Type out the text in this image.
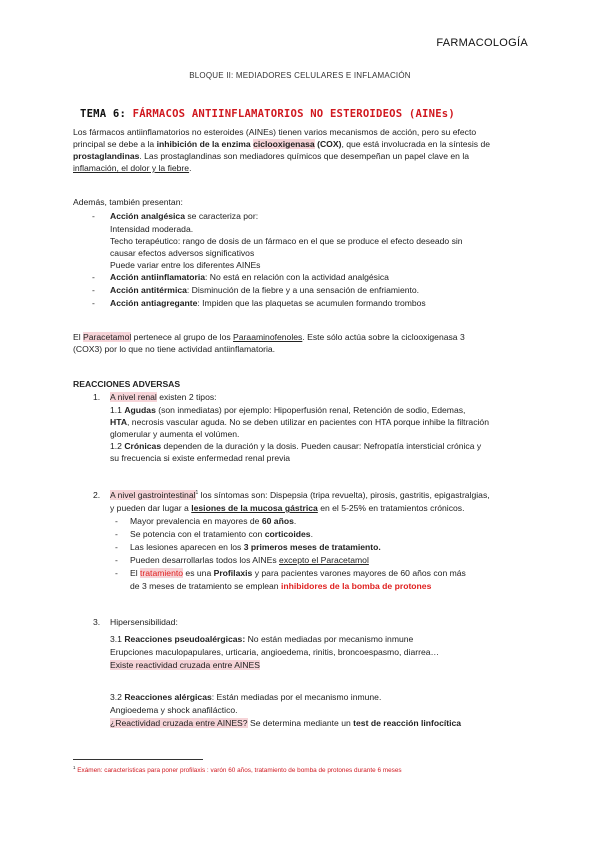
FARMACOLOGÍA
BLOQUE II: MEDIADORES CELULARES E INFLAMACIÓN
TEMA 6: FÁRMACOS ANTIINFLAMATORIOS NO ESTEROIDEOS (AINEs)
Los fármacos antiinflamatorios no esteroides (AINEs) tienen varios mecanismos de acción, pero su efecto
principal se debe a la inhibición de la enzima ciclooxigenasa (COX), que está involucrada en la síntesis de
prostaglandinas. Las prostaglandinas son mediadores químicos que desempeñan un papel clave en la
inflamación, el dolor y la fiebre.
Además, también presentan:
- Acción analgésica se caracteriza por:
Intensidad moderada.
Techo terapéutico: rango de dosis de un fármaco en el que se produce el efecto deseado sin
causar efectos adversos significativos
Puede variar entre los diferentes AINEs
- Acción antiinflamatoria: No está en relación con la actividad analgésica
- Acción antitérmica: Disminución de la fiebre y a una sensación de enfriamiento.
- Acción antiagregante: Impiden que las plaquetas se acumulen formando trombos
El Paracetamol pertenece al grupo de los Paraaminofenoles. Este sólo actúa sobre la ciclooxigenasa 3
(COX3) por lo que no tiene actividad antiinflamatoria.
REACCIONES ADVERSAS
1. A nivel renal existen 2 tipos:
1.1 Agudas (son inmediatas) por ejemplo: Hipoperfusión renal, Retención de sodio, Edemas,
HTA, necrosis vascular aguda. No se deben utilizar en pacientes con HTA porque inhibe la filtración
glomerular y aumenta el volúmen.
1.2 Crónicas dependen de la duración y la dosis. Pueden causar: Nefropatía intersticial crónica y
su frecuencia si existe enfermedad renal previa
2. A nivel gastrointestinal$^1$ los síntomas son: Dispepsia (tripa revuelta), pirosis, gastritis, epigastralgias,
y pueden dar lugar a lesiones de la mucosa gástrica en el 5-25% en tratamientos crónicos.
- Mayor prevalencia en mayores de 60 años.
- Se potencia con el tratamiento con corticoides.
- Las lesiones aparecen en los 3 primeros meses de tratamiento.
- Pueden desarrollarlas todos los AINEs excepto el Paracetamol
- El tratamiento es una Profilaxis y para pacientes varones mayores de 60 años con más
de 3 meses de tratamiento se emplean inhibidores de la bomba de protones
3. Hipersensibilidad:
3.1 Reacciones pseudoalérgicas: No están mediadas por mecanismo inmune
Erupciones maculopapulares, urticaria, angioedema, rinitis, broncoespasmo, diarrea…
Existe reactividad cruzada entre AINES
3.2 Reacciones alérgicas: Están mediadas por el mecanismo inmune.
Angioedema y shock anafiláctico.
¿Reactividad cruzada entre AINES? Se determina mediante un test de reacción linfocítica
$^1$ Exámen: características para poner profilaxis : varón 60 años, tratamiento de bomba de protones durante 6 meses
